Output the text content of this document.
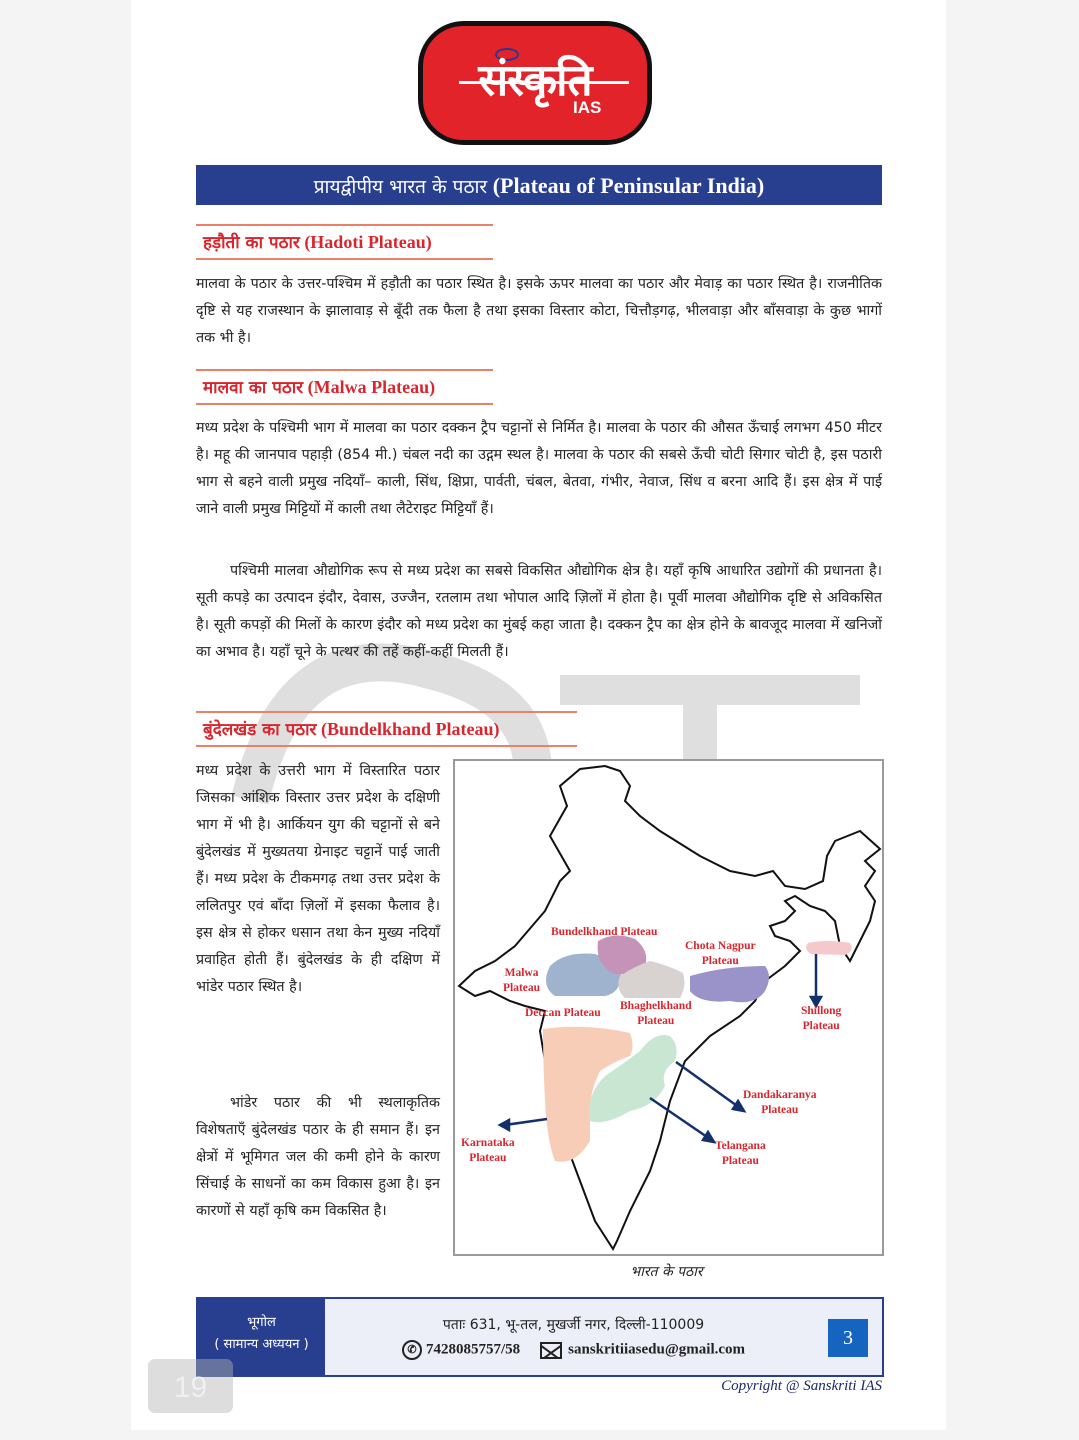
संस्कृति
IAS
प्रायद्वीपीय भारत के पठार (Plateau of Peninsular India)
हड़ौती का पठार (Hadoti Plateau)
मालवा के पठार के उत्तर-पश्चिम में हड़ौती का पठार स्थित है। इसके ऊपर मालवा का पठार और मेवाड़ का पठार स्थित है। राजनीतिक दृष्टि से यह राजस्थान के झालावाड़ से बूँदी तक फैला है तथा इसका विस्तार कोटा, चित्तौड़गढ़, भीलवाड़ा और बाँसवाड़ा के कुछ भागों तक भी है।
मालवा का पठार (Malwa Plateau)
मध्य प्रदेश के पश्चिमी भाग में मालवा का पठार दक्कन ट्रैप चट्टानों से निर्मित है। मालवा के पठार की औसत ऊँचाई लगभग 450 मीटर है। महू की जानपाव पहाड़ी (854 मी.) चंबल नदी का उद्गम स्थल है। मालवा के पठार की सबसे ऊँची चोटी सिगार चोटी है, इस पठारी भाग से बहने वाली प्रमुख नदियाँ– काली, सिंध, क्षिप्रा, पार्वती, चंबल, बेतवा, गंभीर, नेवाज, सिंध व बरना आदि हैं। इस क्षेत्र में पाई जाने वाली प्रमुख मिट्टियों में काली तथा लैटेराइट मिट्टियाँ हैं।
पश्चिमी मालवा औद्योगिक रूप से मध्य प्रदेश का सबसे विकसित औद्योगिक क्षेत्र है। यहाँ कृषि आधारित उद्योगों की प्रधानता है। सूती कपड़े का उत्पादन इंदौर, देवास, उज्जैन, रतलाम तथा भोपाल आदि ज़िलों में होता है। पूर्वी मालवा औद्योगिक दृष्टि से अविकसित है। सूती कपड़ों की मिलों के कारण इंदौर को मध्य प्रदेश का मुंबई कहा जाता है। दक्कन ट्रैप का क्षेत्र होने के बावजूद मालवा में खनिजों का अभाव है। यहाँ चूने के पत्थर की तहें कहीं-कहीं मिलती हैं।
बुंदेलखंड का पठार (Bundelkhand Plateau)
मध्य प्रदेश के उत्तरी भाग में विस्तारित पठार जिसका आंशिक विस्तार उत्तर प्रदेश के दक्षिणी भाग में भी है। आर्कियन युग की चट्टानों से बने बुंदेलखंड में मुख्यतया ग्रेनाइट चट्टानें पाई जाती हैं। मध्य प्रदेश के टीकमगढ़ तथा उत्तर प्रदेश के ललितपुर एवं बाँदा ज़िलों में इसका फैलाव है। इस क्षेत्र से होकर धसान तथा केन मुख्य नदियाँ प्रवाहित होती हैं। बुंदेलखंड के ही दक्षिण में भांडेर पठार स्थित है।
भांडेर पठार की भी स्थलाकृतिक विशेषताएँ बुंदेलखंड पठार के ही समान हैं। इन क्षेत्रों में भूमिगत जल की कमी होने के कारण सिंचाई के साधनों का कम विकास हुआ है। इन कारणों से यहाँ कृषि कम विकसित है।
Bundelkhand Plateau
Chota Nagpur
Plateau
Malwa
Plateau
Deccan Plateau
Bhaghelkhand
Plateau
Shillong
Plateau
Dandakaranya
Plateau
Karnataka
Plateau
Telangana
Plateau
भारत के पठार
भूगोल
( सामान्य अध्ययन )
पताः 631, भू-तल, मुखर्जी नगर, दिल्ली-110009
✆ 7428085757/58	sanskritiiasedu@gmail.com
3
Copyright @ Sanskriti IAS
19
